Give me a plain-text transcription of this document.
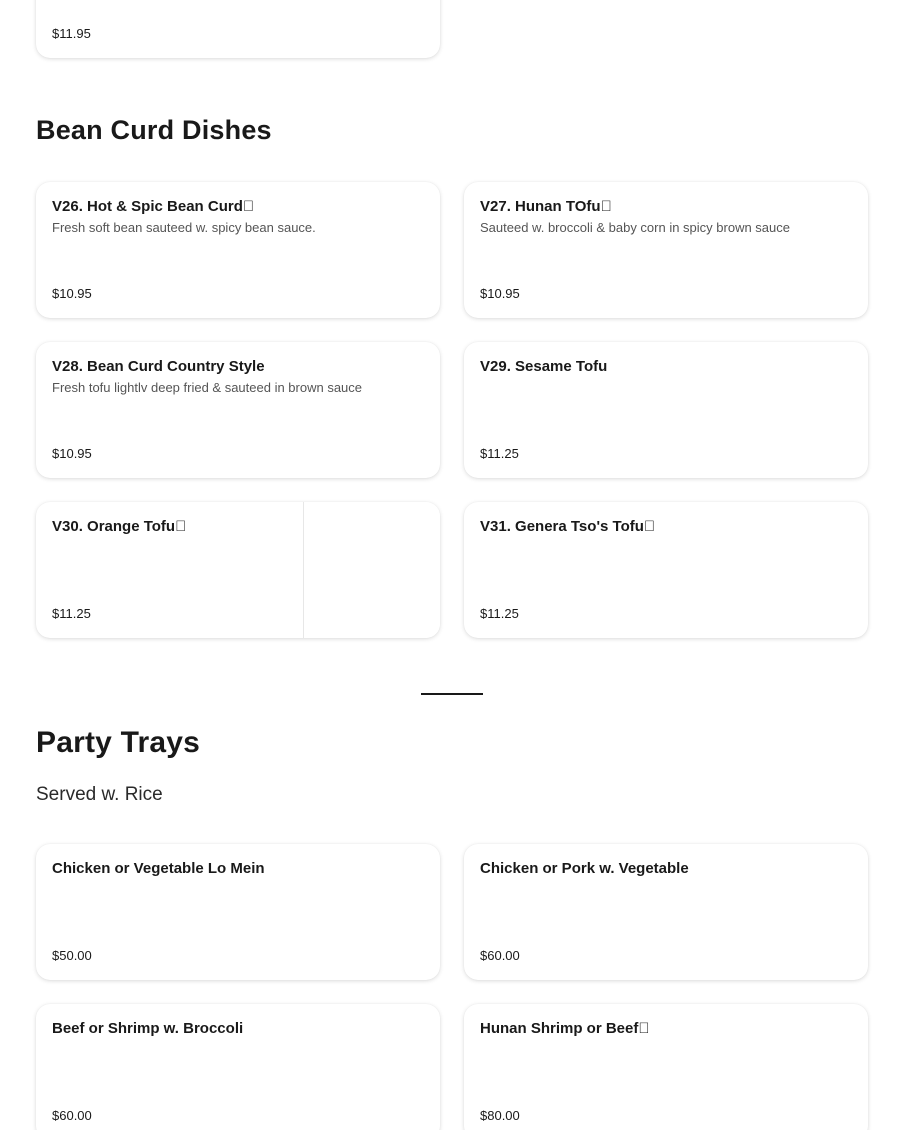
$11.95
Bean Curd Dishes
V26. Hot & Spic Bean Curd
Fresh soft bean sauteed w. spicy bean sauce.
$10.95
V27. Hunan TOfu
Sauteed w. broccoli & baby corn in spicy brown sauce
$10.95
V28. Bean Curd Country Style
Fresh tofu lightlv deep fried & sauteed in brown sauce
$10.95
V29. Sesame Tofu
$11.25
V30. Orange Tofu
$11.25
V31. Genera Tso's Tofu
$11.25
Party Trays

Served w. Rice

Chicken or Vegetable Lo Mein
$50.00
Chicken or Pork w. Vegetable
$60.00
Beef or Shrimp w. Broccoli
$60.00
Hunan Shrimp or Beef
$80.00
